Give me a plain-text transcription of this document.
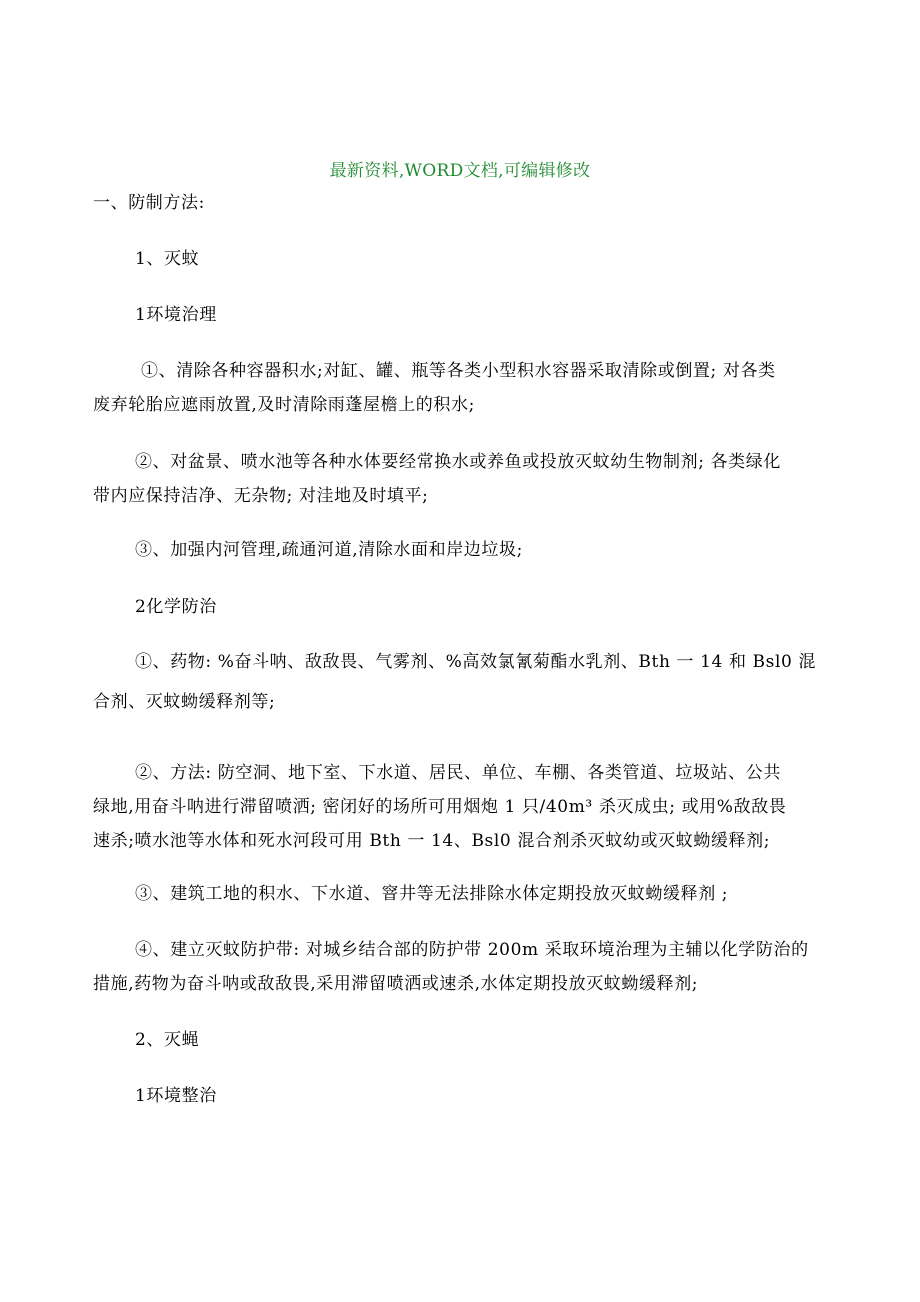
最新资料,WORD文档,可编辑修改
一、防制方法:
1、灭蚊
1环境治理
①、清除各种容器积水;对缸、罐、瓶等各类小型积水容器采取清除或倒置; 对各类
废弃轮胎应遮雨放置,及时清除雨蓬屋檐上的积水;
②、对盆景、喷水池等各种水体要经常换水或养鱼或投放灭蚊幼生物制剂; 各类绿化
带内应保持洁净、无杂物; 对洼地及时填平;
③、加强内河管理,疏通河道,清除水面和岸边垃圾;
2化学防治
①、药物: %奋斗呐、敌敌畏、气雾剂、%高效氯氰菊酯水乳剂、Bth 一 14 和 Bsl0 混
合剂、灭蚊蚴缓释剂等;
②、方法: 防空洞、地下室、下水道、居民、单位、车棚、各类管道、垃圾站、公共
绿地,用奋斗呐进行滞留喷洒; 密闭好的场所可用烟炮 1 只/40m³ 杀灭成虫; 或用%敌敌畏
速杀;喷水池等水体和死水河段可用 Bth 一 14、Bsl0 混合剂杀灭蚊幼或灭蚊蚴缓释剂;
③、建筑工地的积水、下水道、窨井等无法排除水体定期投放灭蚊蚴缓释剂 ;
④、建立灭蚊防护带: 对城乡结合部的防护带 200m 采取环境治理为主辅以化学防治的
措施,药物为奋斗呐或敌敌畏,采用滞留喷洒或速杀,水体定期投放灭蚊蚴缓释剂;
2、灭蝇
1环境整治
